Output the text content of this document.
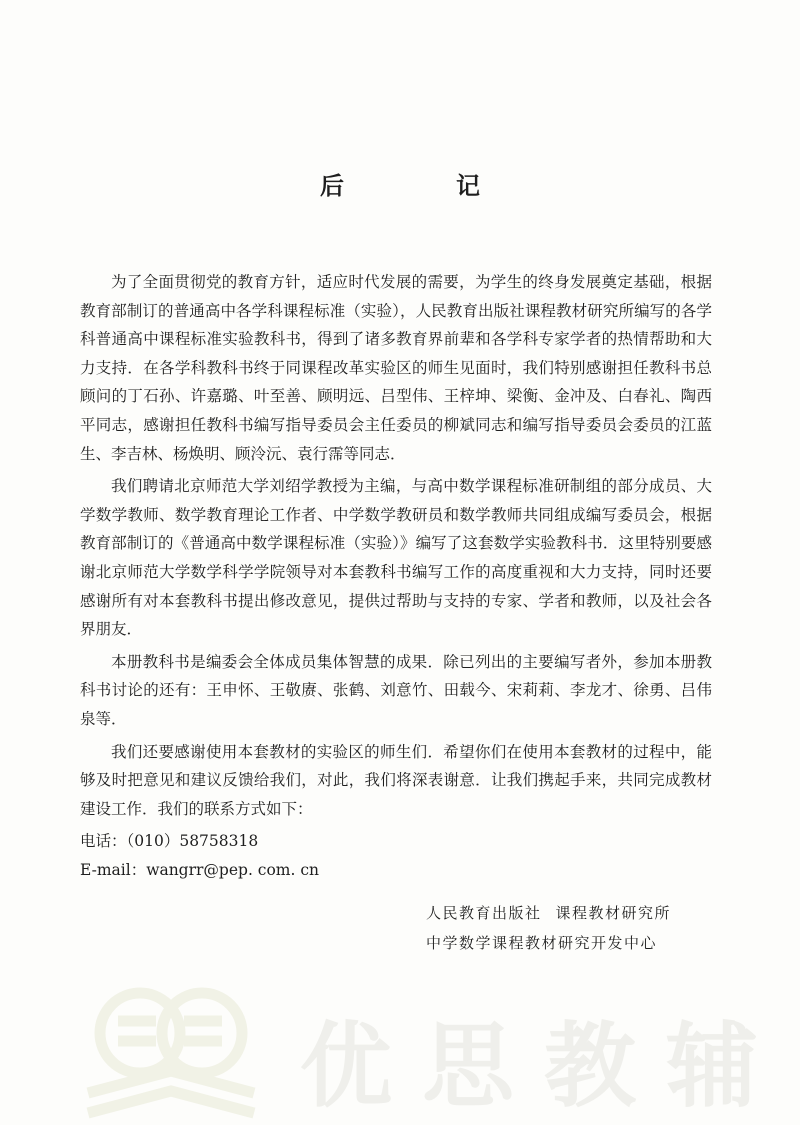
后　记

为了全面贯彻党的教育方针，适应时代发展的需要，为学生的终身发展奠定基础，根据教育部制订的普通高中各学科课程标准（实验），人民教育出版社课程教材研究所编写的各学科普通高中课程标准实验教科书，得到了诸多教育界前辈和各学科专家学者的热情帮助和大力支持．在各学科教科书终于同课程改革实验区的师生见面时，我们特别感谢担任教科书总顾问的丁石孙、许嘉璐、叶至善、顾明远、吕型伟、王梓坤、梁衡、金冲及、白春礼、陶西平同志，感谢担任教科书编写指导委员会主任委员的柳斌同志和编写指导委员会委员的江蓝生、李吉林、杨焕明、顾泠沅、袁行霈等同志．

我们聘请北京师范大学刘绍学教授为主编，与高中数学课程标准研制组的部分成员、大学数学教师、数学教育理论工作者、中学数学教研员和数学教师共同组成编写委员会，根据教育部制订的《普通高中数学课程标准（实验）》编写了这套数学实验教科书．这里特别要感谢北京师范大学数学科学学院领导对本套教科书编写工作的高度重视和大力支持，同时还要感谢所有对本套教科书提出修改意见，提供过帮助与支持的专家、学者和教师，以及社会各界朋友．

本册教科书是编委会全体成员集体智慧的成果．除已列出的主要编写者外，参加本册教科书讨论的还有：王申怀、王敬赓、张鹤、刘意竹、田载今、宋莉莉、李龙才、徐勇、吕伟泉等．

我们还要感谢使用本套教材的实验区的师生们．希望你们在使用本套教材的过程中，能够及时把意见和建议反馈给我们，对此，我们将深表谢意．让我们携起手来，共同完成教材建设工作．我们的联系方式如下：

电话：（010）58758318

E-mail：wangrr@pep. com. cn

人民教育出版社 课程教材研究所
中学数学课程教材研究开发中心
优思教辅
